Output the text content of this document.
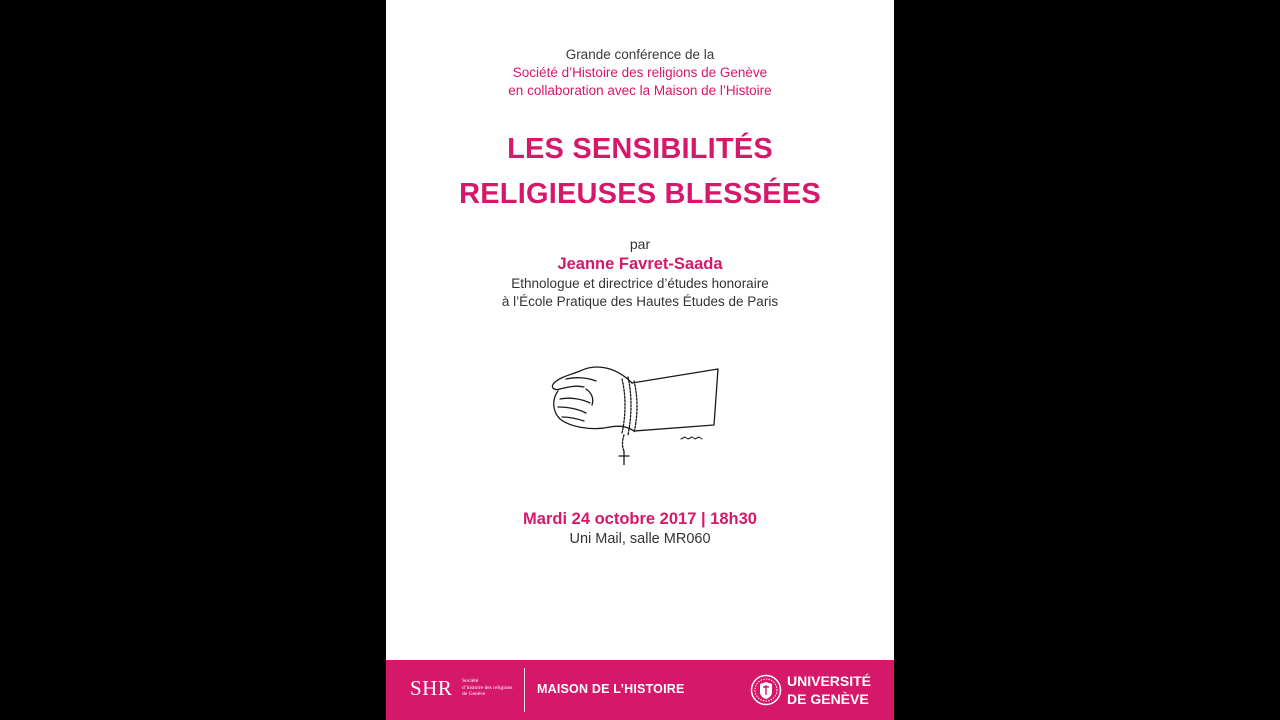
Grande conférence de la
Société d’Histoire des religions de Genève
en collaboration avec la Maison de l’Histoire
LES SENSIBILITÉS
RELIGIEUSES BLESSÉES
par
Jeanne Favret-Saada
Ethnologue et directrice d’études honoraire
à l’École Pratique des Hautes Études de Paris
Mardi 24 octobre 2017 | 18h30
Uni Mail, salle MR060
SHR Société
d’histoire des religions
de Genève	MAISON DE L’HISTOIRE	UNIVERSITÉ
DE GENÈVE
